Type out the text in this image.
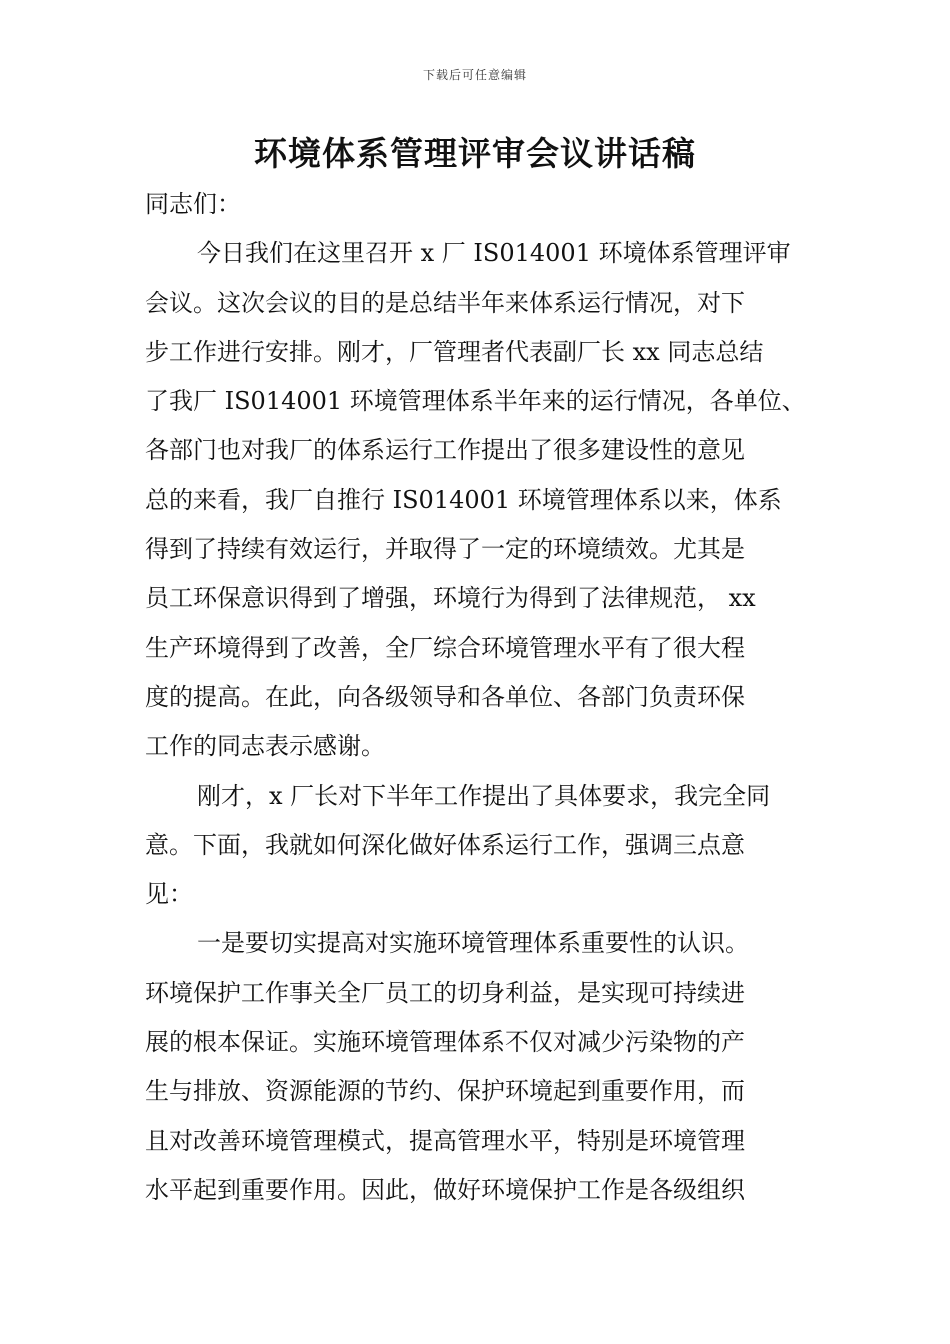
下载后可任意编辑
环境体系管理评审会议讲话稿
同志们：
今日我们在这里召开 x 厂 IS014001 环境体系管理评审
会议。这次会议的目的是总结半年来体系运行情况，对下
步工作进行安排。刚才，厂管理者代表副厂长 xx 同志总结
了我厂 IS014001 环境管理体系半年来的运行情况，各单位、
各部门也对我厂的体系运行工作提出了很多建设性的意见
总的来看，我厂自推行 IS014001 环境管理体系以来，体系
得到了持续有效运行，并取得了一定的环境绩效。尤其是
员工环保意识得到了增强，环境行为得到了法律规范， xx
生产环境得到了改善，全厂综合环境管理水平有了很大程
度的提高。在此，向各级领导和各单位、各部门负责环保
工作的同志表示感谢。
刚才，x 厂长对下半年工作提出了具体要求，我完全同
意。下面，我就如何深化做好体系运行工作，强调三点意
见：
一是要切实提高对实施环境管理体系重要性的认识。
环境保护工作事关全厂员工的切身利益，是实现可持续进
展的根本保证。实施环境管理体系不仅对减少污染物的产
生与排放、资源能源的节约、保护环境起到重要作用，而
且对改善环境管理模式，提高管理水平，特别是环境管理
水平起到重要作用。因此，做好环境保护工作是各级组织
